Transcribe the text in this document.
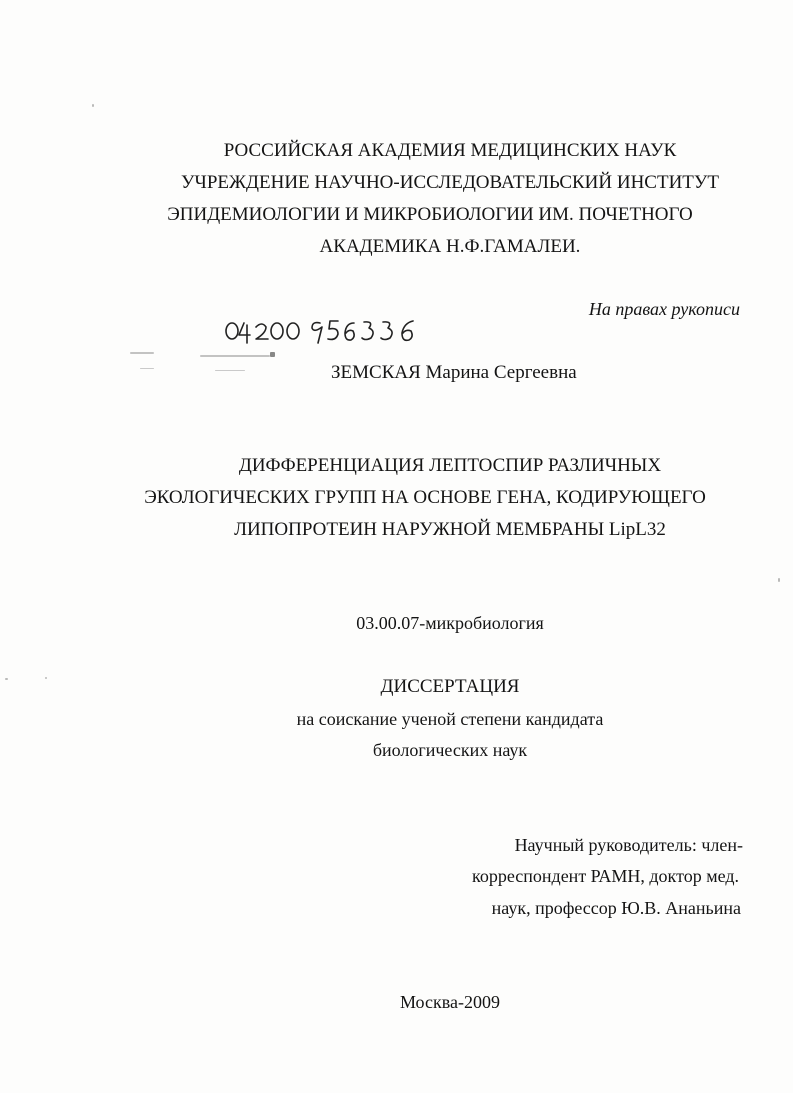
РОССИЙСКАЯ АКАДЕМИЯ МЕДИЦИНСКИХ НАУК
УЧРЕЖДЕНИЕ НАУЧНО-ИССЛЕДОВАТЕЛЬСКИЙ ИНСТИТУТ
ЭПИДЕМИОЛОГИИ И МИКРОБИОЛОГИИ ИМ. ПОЧЕТНОГО
АКАДЕМИКА Н.Ф.ГАМАЛЕИ.
На правах рукописи
ЗЕМСКАЯ Марина Сергеевна
ДИФФЕРЕНЦИАЦИЯ ЛЕПТОСПИР РАЗЛИЧНЫХ
ЭКОЛОГИЧЕСКИХ ГРУПП НА ОСНОВЕ ГЕНА, КОДИРУЮЩЕГО
ЛИПОПРОТЕИН НАРУЖНОЙ МЕМБРАНЫ LipL32
03.00.07-микробиология
ДИССЕРТАЦИЯ
на соискание ученой степени кандидата
биологических наук
Научный руководитель: член-
корреспондент РАМН, доктор мед.
наук, профессор Ю.В. Ананьина
Москва-2009
